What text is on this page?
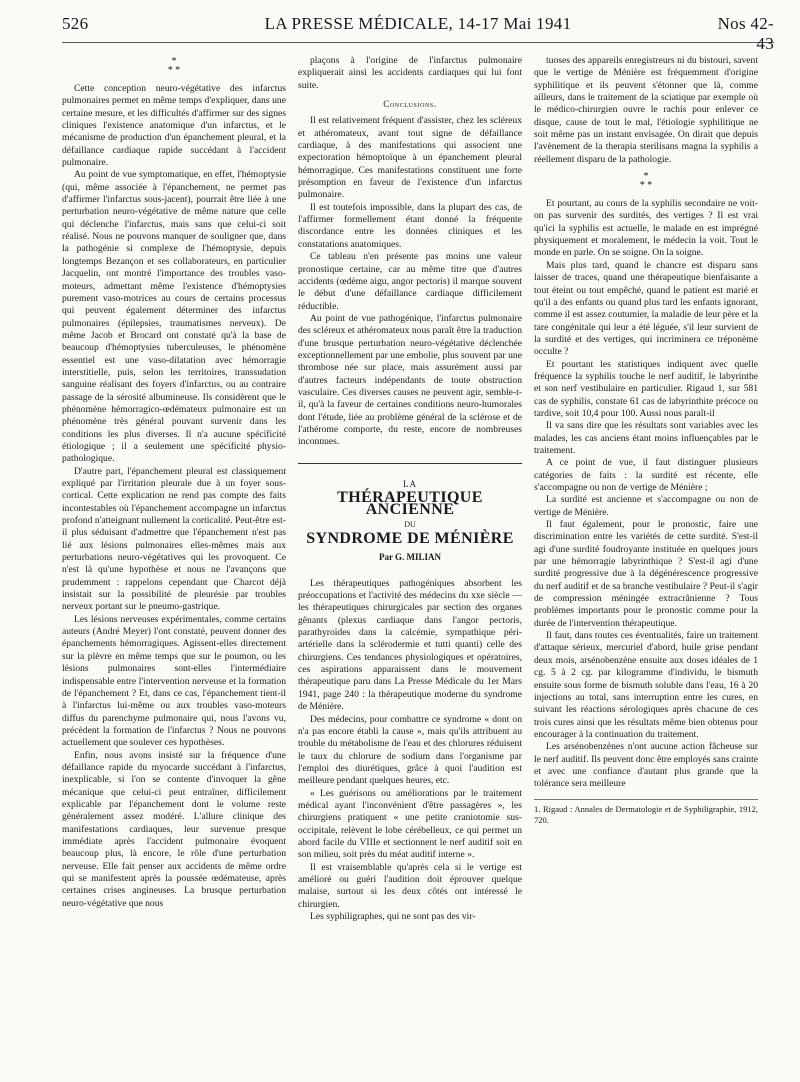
526	LA PRESSE MÉDICALE, 14-17 Mai 1941	Nos 42-43
*
* *

Cette conception neuro-végétative des infarctus pulmonaires permet en même temps d'expliquer, dans une certaine mesure, et les difficultés d'affirmer sur des signes cliniques l'existence anatomique d'un infarctus, et le mécanisme de production d'un épanchement pleural, et la défaillance cardiaque rapide succédant à l'accident pulmonaire.

Au point de vue symptomatique, en effet, l'hémoptysie (qui, même associée à l'épanchement, ne permet pas d'affirmer l'infarctus sous-jacent), pourrait être liée à une perturbation neuro-végétative de même nature que celle qui déclenche l'infarctus, mais sans que celui-ci soit réalisé. Nous ne pouvons manquer de souligner que, dans la pathogénie si complexe de l'hémoptysie, depuis longtemps Bezançon et ses collaborateurs, en particulier Jacquelin, ont montré l'importance des troubles vaso-moteurs, admettant même l'existence d'hémoptysies purement vaso-motrices au cours de certains processus qui peuvent également déterminer des infarctus pulmonaires (épilepsies, traumatismes nerveux). De même Jacob et Brocard ont constaté qu'à la base de beaucoup d'hémoptysies tuberculeuses, le phénomène essentiel est une vaso-dilatation avec hémorragie interstitielle, puis, selon les territoires, transsudation sanguine réalisant des foyers d'infarctus, ou au contraire passage de la sérosité albumineuse. Ils considèrent que le phénomène hémorragico-œdémateux pulmonaire est un phénomène très général pouvant survenir dans les conditions les plus diverses. Il n'a aucune spécificité étiologique ; il a seulement une spécificité physio-pathologique.

D'autre part, l'épanchement pleural est classiquement expliqué par l'irritation pleurale due à un foyer sous-cortical. Cette explication ne rend pas compte des faits incontestables où l'épanchement accompagne un infarctus profond n'atteignant nullement la corticalité. Peut-être est-il plus séduisant d'admettre que l'épanchement n'est pas lié aux lésions pulmonaires elles-mêmes mais aux perturbations neuro-végétatives qui les provoquent. Ce n'est là qu'une hypothèse et nous ne l'avançons que prudemment : rappelons cependant que Charcot déjà insistait sur la possibilité de pleurésie par troubles nerveux portant sur le pneumo-gastrique.

Les lésions nerveuses expérimentales, comme certains auteurs (André Meyer) l'ont constaté, peuvent donner des épanchements hémorragiques. Agissent-elles directement sur la plèvre en même temps que sur le poumon, ou les lésions pulmonaires sont-elles l'intermédiaire indispensable entre l'intervention nerveuse et la formation de l'épanchement ? Et, dans ce cas, l'épanchement tient-il à l'infarctus lui-même ou aux troubles vaso-moteurs diffus du parenchyme pulmonaire qui, nous l'avons vu, précèdent la formation de l'infarctus ? Nous ne pouvons actuellement que soulever ces hypothèses.

Enfin, nous avons insisté sur la fréquence d'une défaillance rapide du myocarde succédant à l'infarctus, inexplicable, si l'on se contente d'invoquer la gêne mécanique que celui-ci peut entraîner, difficilement explicable par l'épanchement dont le volume reste généralement assez modéré. L'allure clinique des manifestations cardiaques, leur survenue presque immédiate après l'accident pulmonaire évoquent beaucoup plus, là encore, le rôle d'une perturbation nerveuse. Elle fait penser aux accidents de même ordre qui se manifestent après la poussée œdémateuse, après certaines crises angineuses. La brusque perturbation neuro-végétative que nous

plaçons à l'origine de l'infarctus pulmonaire expliquerait ainsi les accidents cardiaques qui lui font suite.

Conclusions.

Il est relativement fréquent d'assister, chez les scléreux et athéromateux, avant tout signe de défaillance cardiaque, à des manifestations qui associent une expectoration hémoptoïque à un épanchement pleural hémorragique. Ces manifestations constituent une forte présomption en faveur de l'existence d'un infarctus pulmonaire.

Il est toutefois impossible, dans la plupart des cas, de l'affirmer formellement étant donné la fréquente discordance entre les données cliniques et les constatations anatomiques.

Ce tableau n'en présente pas moins une valeur pronostique certaine, car au même titre que d'autres accidents (œdème aigu, angor pectoris) il marque souvent le début d'une défaillance cardiaque difficilement réductible.

Au point de vue pathogénique, l'infarctus pulmonaire des scléreux et athéromateux nous paraît être la traduction d'une brusque perturbation neuro-végétative déclenchée exceptionnellement par une embolie, plus souvent par une thrombose née sur place, mais assurément aussi par d'autres facteurs indépendants de toute obstruction vasculaire. Ces diverses causes ne peuvent agir, semble-t-il, qu'à la faveur de certaines conditions neuro-humorales dont l'étude, liée au problème général de la sclérose et de l'athérome comporte, du reste, encore de nombreuses inconnues.

LA
THÉRAPEUTIQUE ANCIENNE
DU
SYNDROME DE MÉNIÈRE
Par G. MILIAN

Les thérapeutiques pathogéniques absorbent les préoccupations et l'activité des médecins du xxe siècle — les thérapeutiques chirurgicales par section des organes gênants (plexus cardiaque dans l'angor pectoris, parathyroïdes dans la calcémie, sympathique péri-artérielle dans la sclérodermie et tutti quanti) celle des chirurgiens. Ces tendances physiologiques et opératoires, ces aspirations apparaissent dans le mouvement thérapeutique paru dans La Presse Médicale du 1er Mars 1941, page 240 : la thérapeutique moderne du syndrome de Ménière.

Des médecins, pour combattre ce syndrome « dont on n'a pas encore établi la cause », mais qu'ils attribuent au trouble du métabolisme de l'eau et des chlorures réduisent le taux du chlorure de sodium dans l'organisme par l'emploi des diurétiques, grâce à quoi l'audition est meilleure pendant quelques heures, etc.

« Les guérisons ou améliorations par le traitement médical ayant l'inconvénient d'être passagères », les chirurgiens pratiquent « une petite craniotomie sus-occipitale, relèvent le lobe cérébelleux, ce qui permet un abord facile du VIIIe et sectionnent le nerf auditif soit en son milieu, soit près du méat auditif interne ».

Il est vraisemblable qu'après cela si le vertige est amélioré ou guéri l'audition doit éprouver quelque malaise, surtout si les deux côtés ont intéressé le chirurgien.

Les syphiligraphes, qui ne sont pas des vir-

tuoses des appareils enregistreurs ni du bistouri, savent que le vertige de Ménière est fréquemment d'origine syphilitique et ils peuvent s'étonner que là, comme ailleurs, dans le traitement de la sciatique par exemple où le médico-chirurgien ouvre le rachis pour enlever ce disque, cause de tout le mal, l'étiologie syphilitique ne soit même pas un instant envisagée. On dirait que depuis l'avènement de la therapia sterilisans magna la syphilis a réellement disparu de la pathologie.

*
* *

Et pourtant, au cours de la syphilis secondaire ne voit-on pas survenir des surdités, des vertiges ? Il est vrai qu'ici la syphilis est actuelle, le malade en est imprégné physiquement et moralement, le médecin la voit. Tout le monde en parle. On se soigne. On la soigne.

Mais plus tard, quand le chancre est disparu sans laisser de traces, quand une thérapeutique bienfaisante a tout éteint ou tout empêché, quand le patient est marié et qu'il a des enfants ou quand plus tard les enfants ignorant, comme il est assez coutumier, la maladie de leur père et la tare congénitale qui leur a été léguée, s'il leur survient de la surdité et des vertiges, qui incriminera ce tréponème occulte ?

Et pourtant les statistiques indiquent avec quelle fréquence la syphilis touche le nerf auditif, le labyrinthe et son nerf vestibulaire en particulier. Rigaud 1, sur 581 cas de syphilis, constate 61 cas de labyrinthite précoce ou tardive, soit 10,4 pour 100. Aussi nous paraît-il

Il va sans dire que les résultats sont variables avec les malades, les cas anciens étant moins influençables par le traitement.

A ce point de vue, il faut distinguer plusieurs catégories de faits : la surdité est récente, elle s'accompagne ou non de vertige de Ménière ;

La surdité est ancienne et s'accompagne ou non de vertige de Ménière.

Il faut également, pour le pronostic, faire une discrimination entre les variétés de cette surdité. S'est-il agi d'une surdité foudroyante instituée en quelques jours par une hémorragie labyrinthique ? S'est-il agi d'une surdité progressive due à la dégénérescence progressive du nerf auditif et de sa branche vestibulaire ? Peut-il s'agir de compression méningée extracrânienne ? Tous problèmes importants pour le pronostic comme pour la durée de l'intervention thérapeutique.

Il faut, dans toutes ces éventualités, faire un traitement d'attaque sérieux, mercuriel d'abord, huile grise pendant deux mois, arsénobenzène ensuite aux doses idéales de 1 cg. 5 à 2 cg. par kilogramme d'individu, le bismuth ensuite sous forme de bismuth soluble dans l'eau, 16 à 20 injections au total, sans interruption entre les cures, en suivant les réactions sérologiques après chacune de ces trois cures ainsi que les résultats même bien obtenus pour encourager à la continuation du traitement.

Les arsénobenzènes n'ont aucune action fâcheuse sur le nerf auditif. Ils peuvent donc être employés sans crainte et avec une confiance d'autant plus grande que la tolérance sera meilleure

1. Rigaud : Annales de Dermatologie et de Syphiligraphie, 1912, 720.
